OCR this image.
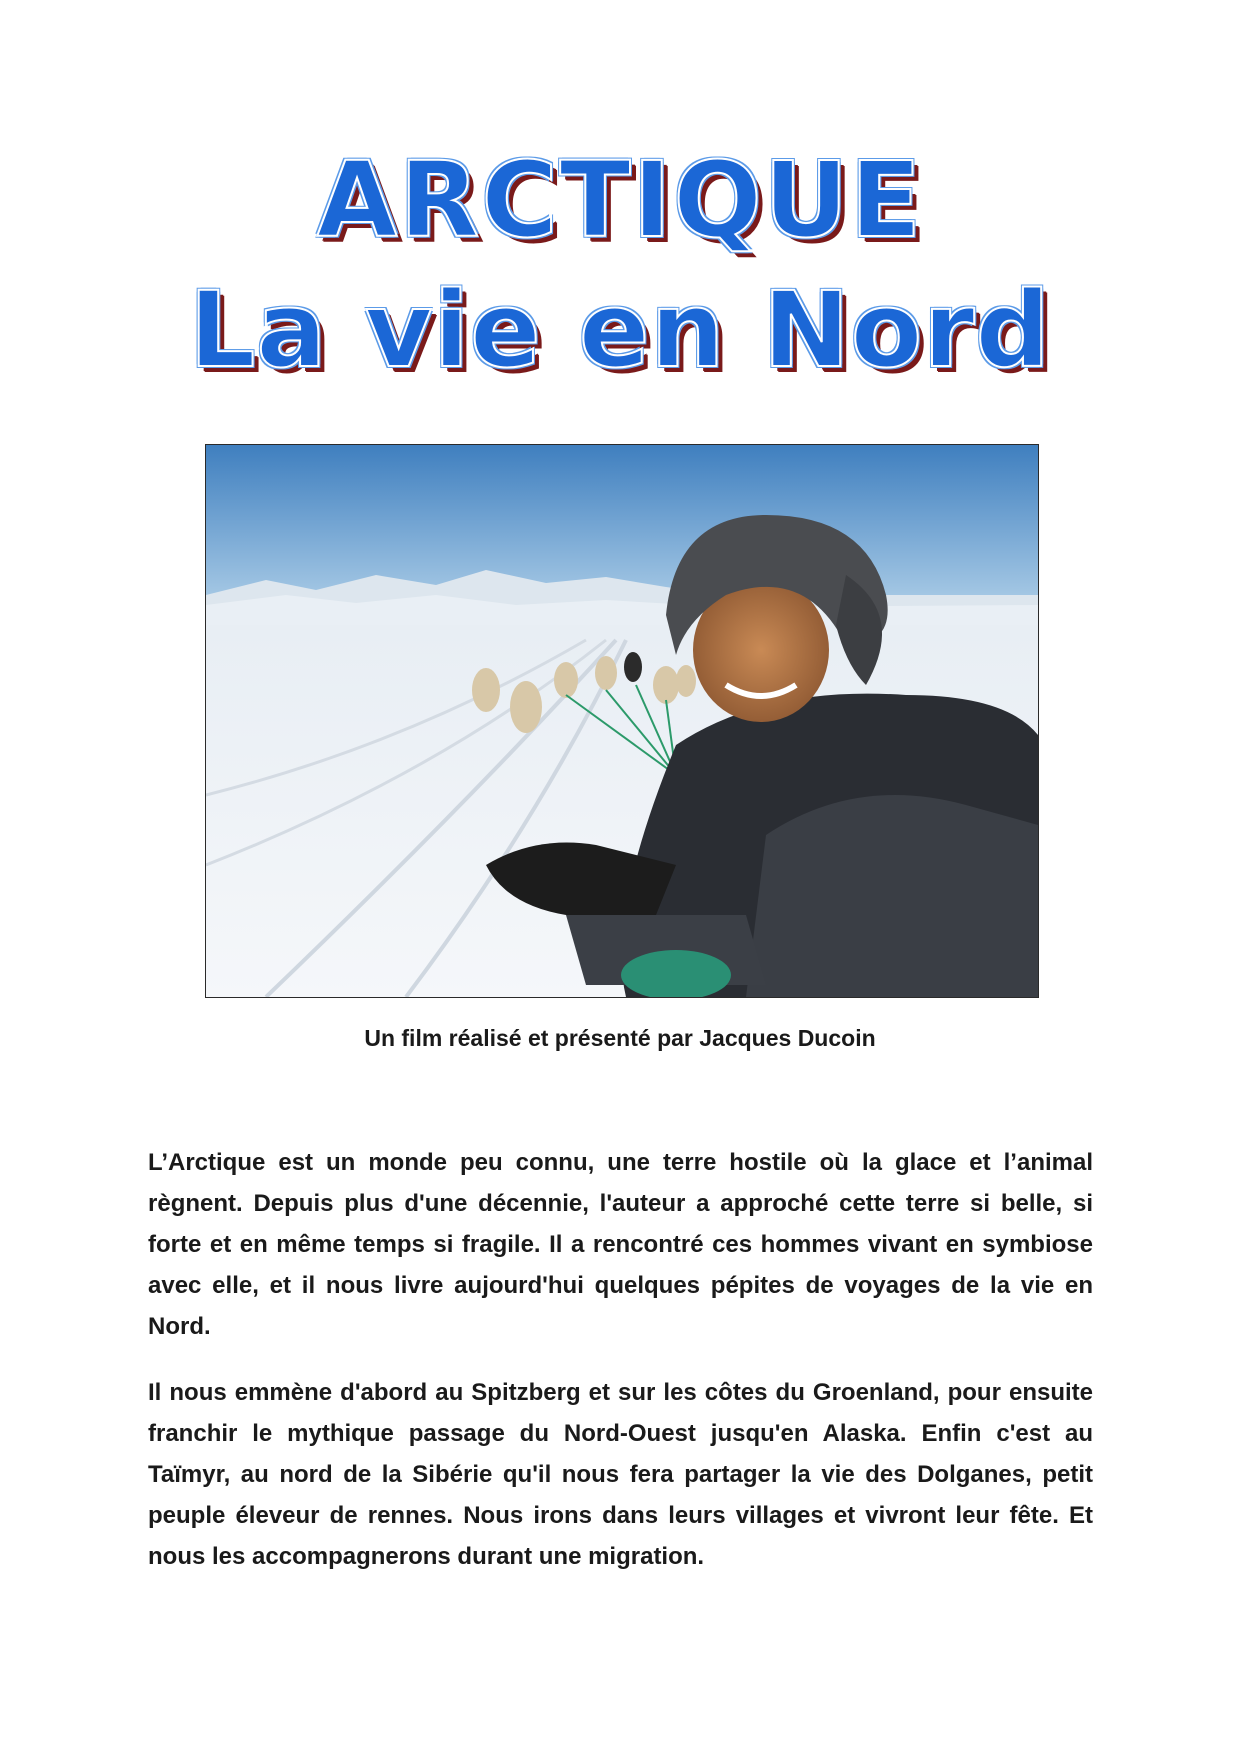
ARCTIQUE
La vie en Nord
Un film réalisé et présenté par Jacques Ducoin

L’Arctique est un monde peu connu, une terre hostile où la glace et l’animal règnent. Depuis plus d'une décennie, l'auteur a approché cette terre si belle, si forte et en même temps si fragile. Il a rencontré ces hommes vivant en symbiose avec elle, et il nous livre aujourd'hui quelques pépites de voyages de la vie en Nord.

Il nous emmène d'abord au Spitzberg et sur les côtes du Groenland, pour ensuite franchir le mythique passage du Nord-Ouest jusqu'en Alaska. Enfin c'est au Taïmyr, au nord de la Sibérie qu'il nous fera partager la vie des Dolganes, petit peuple éleveur de rennes. Nous irons dans leurs villages et vivront leur fête. Et nous les accompagnerons durant une migration.
